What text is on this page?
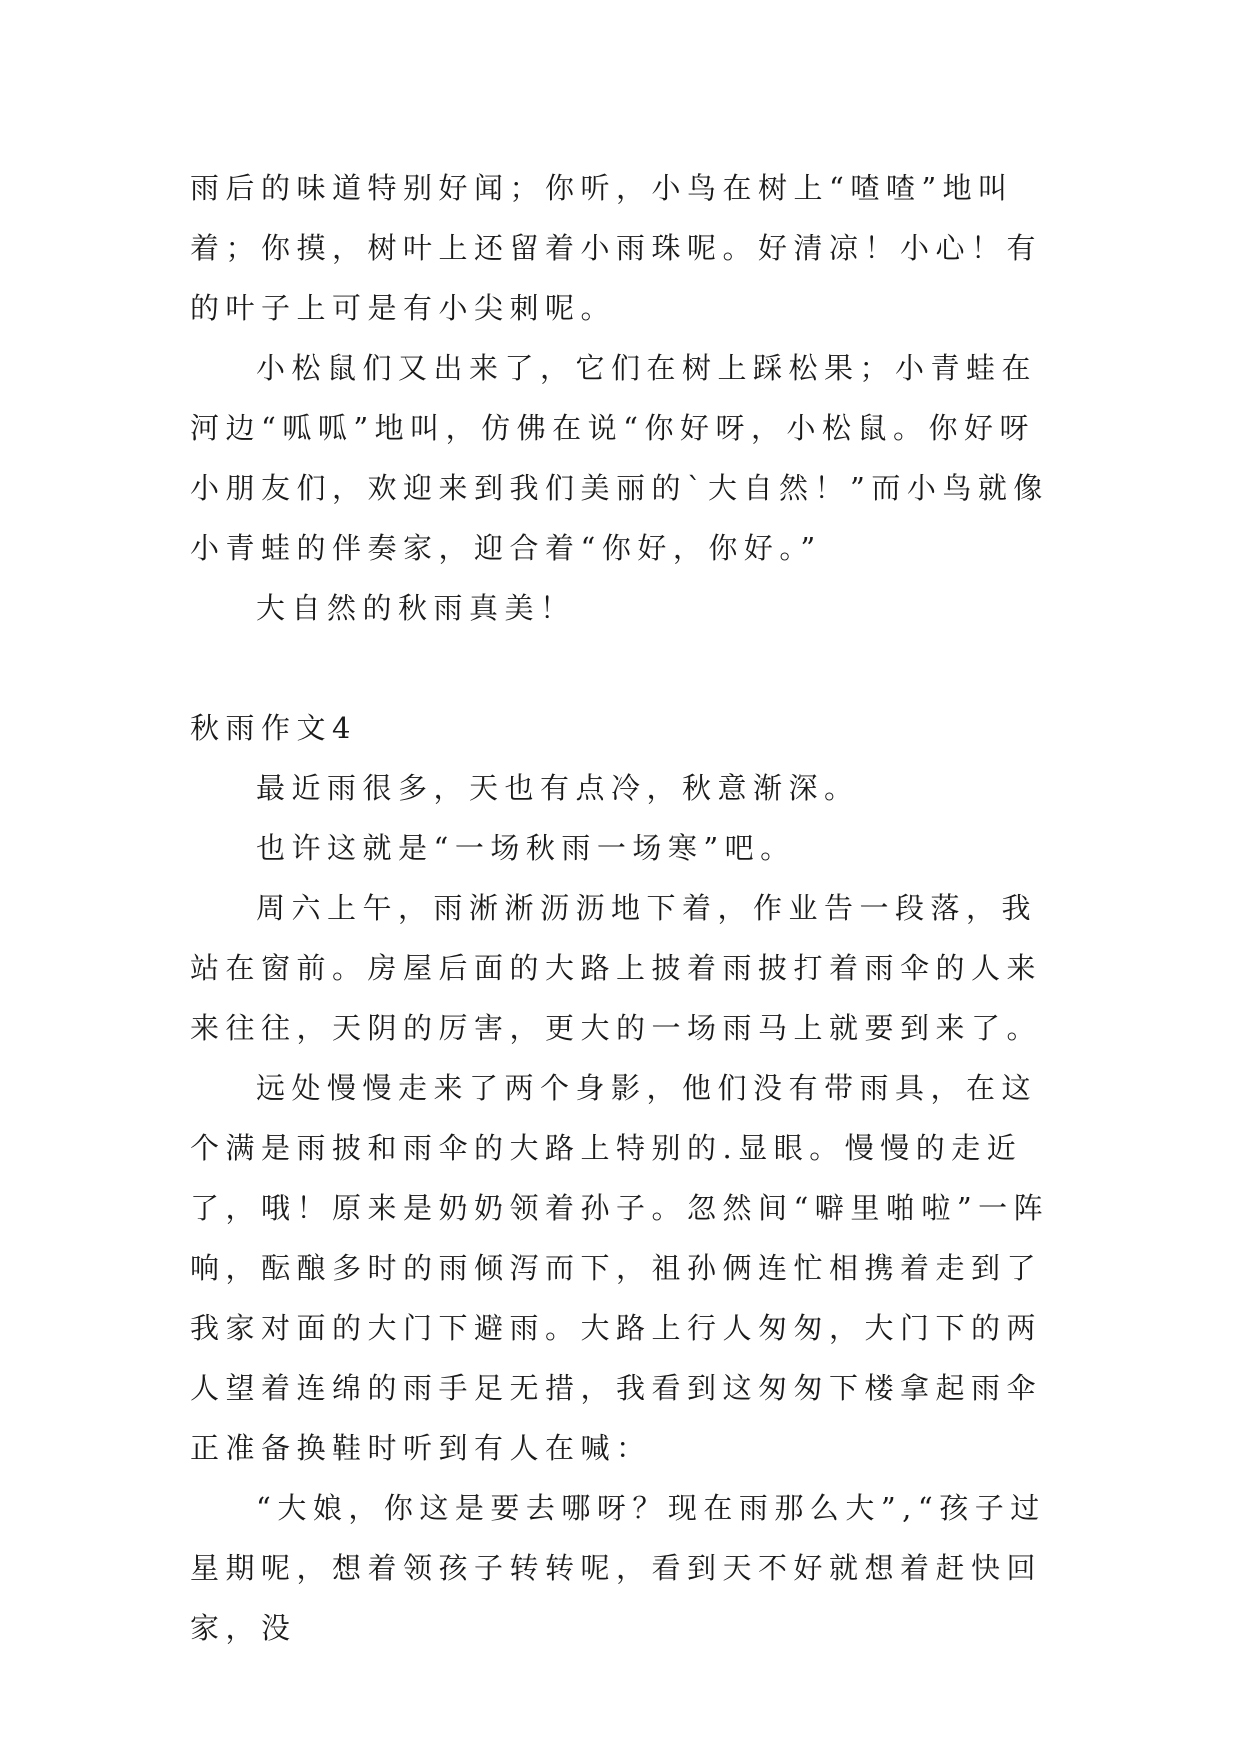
雨后的味道特别好闻；你听，小鸟在树上“喳喳”地叫着；你摸，树叶上还留着小雨珠呢。好清凉！小心！有的叶子上可是有小尖刺呢。

小松鼠们又出来了，它们在树上踩松果；小青蛙在河边“呱呱”地叫，仿佛在说“你好呀，小松鼠。你好呀小朋友们，欢迎来到我们美丽的`大自然！”而小鸟就像小青蛙的伴奏家，迎合着“你好，你好。”

大自然的秋雨真美！

秋雨作文4

最近雨很多，天也有点冷，秋意渐深。

也许这就是“一场秋雨一场寒”吧。

周六上午，雨淅淅沥沥地下着，作业告一段落，我站在窗前。房屋后面的大路上披着雨披打着雨伞的人来来往往，天阴的厉害，更大的一场雨马上就要到来了。

远处慢慢走来了两个身影，他们没有带雨具，在这个满是雨披和雨伞的大路上特别的.显眼。慢慢的走近了，哦！原来是奶奶领着孙子。忽然间“噼里啪啦”一阵响，酝酿多时的雨倾泻而下，祖孙俩连忙相携着走到了我家对面的大门下避雨。大路上行人匆匆，大门下的两人望着连绵的雨手足无措，我看到这匆匆下楼拿起雨伞正准备换鞋时听到有人在喊：

“大娘，你这是要去哪呀？现在雨那么大”,“孩子过星期呢，想着领孩子转转呢，看到天不好就想着赶快回家，没
